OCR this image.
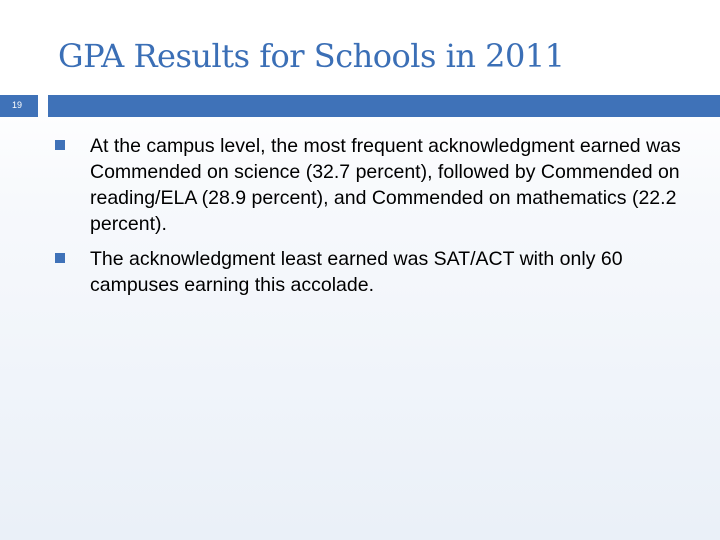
GPA Results for Schools in 2011
19
At the campus level, the most frequent acknowledgment earned was Commended on science (32.7 percent), followed by Commended on reading/ELA (28.9 percent), and Commended on mathematics (22.2 percent).
The acknowledgment least earned was SAT/ACT with only 60 campuses earning this accolade.
